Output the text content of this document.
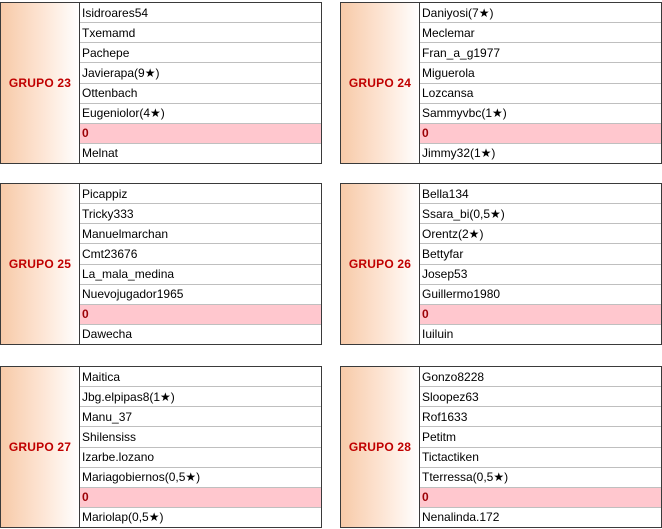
GRUPO 23
Isidroares54
Txemamd
Pachepe
Javierapa(9★)
Ottenbach
Eugeniolor(4★)
0
Melnat
GRUPO 24
Daniyosi(7★)
Meclemar
Fran_a_g1977
Miguerola
Lozcansa
Sammyvbc(1★)
0
Jimmy32(1★)
GRUPO 25
Picappiz
Tricky333
Manuelmarchan
Cmt23676
La_mala_medina
Nuevojugador1965
0
Dawecha
GRUPO 26
Bella134
Ssara_bi(0,5★)
Orentz(2★)
Bettyfar
Josep53
Guillermo1980
0
Iuiluin
GRUPO 27
Maitica
Jbg.elpipas8(1★)
Manu_37
Shilensiss
Izarbe.lozano
Mariagobiernos(0,5★)
0
Mariolap(0,5★)
GRUPO 28
Gonzo8228
Sloopez63
Rof1633
Petitm
Tictactiken
Tterressa(0,5★)
0
Nenalinda.172
